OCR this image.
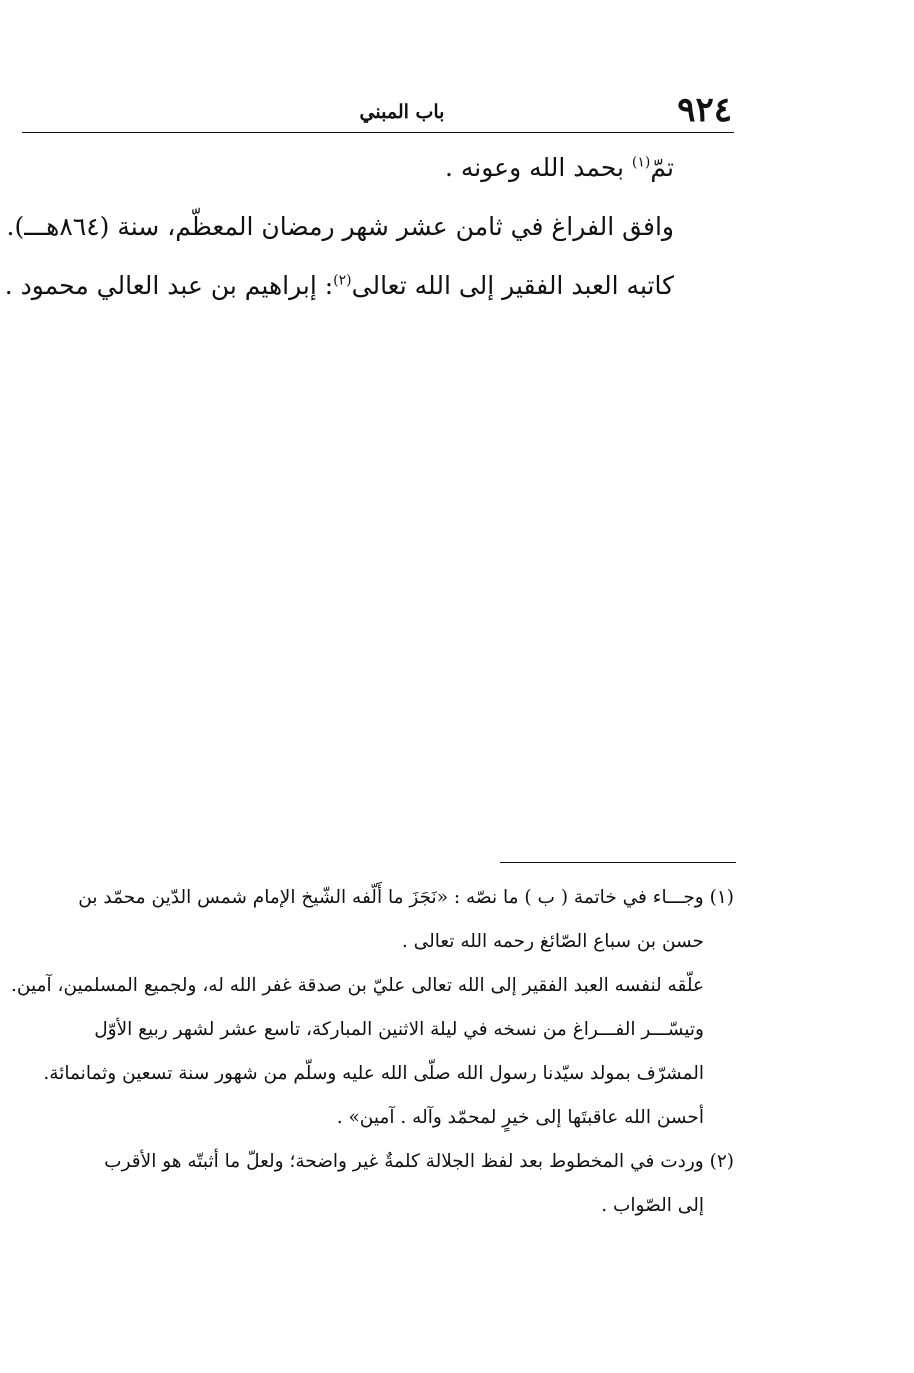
٩٢٤
باب المبني
تمّ$^{(١)}$ بحمد الله وعونه .
وافق الفراغ في ثامن عشر شهر رمضان المعظّم، سنة (٨٦٤هـــ).
كاتبه العبد الفقير إلى الله تعالى$^{(٢)}$: إبراهيم بن عبد العالي محمود .
(١) وجـــاء في خاتمة ( ب ) ما نصّه : «نَجَزَ ما أَلّفه الشّيخ الإمام شمس الدّين محمّد بن
حسن بن سباع الصّائغ رحمه الله تعالى .
علّقه لنفسه العبد الفقير إلى الله تعالى عليّ بن صدقة غفر الله له، ولجميع المسلمين، آمين.
وتيسّـــر الفـــراغ من نسخه في ليلة الاثنين المباركة، تاسع عشر لشهر ربيع الأوّل
المشرّف بمولد سيّدنا رسول الله صلّى الله عليه وسلّم من شهور سنة تسعين وثمانمائة.
أحسن الله عاقبتَها إلى خيرٍ لمحمّد وآله . آمين» .
(٢) وردت في المخطوط بعد لفظ الجلالة كلمةٌ غير واضحة؛ ولعلّ ما أثبتّه هو الأقرب
إلى الصّواب .
